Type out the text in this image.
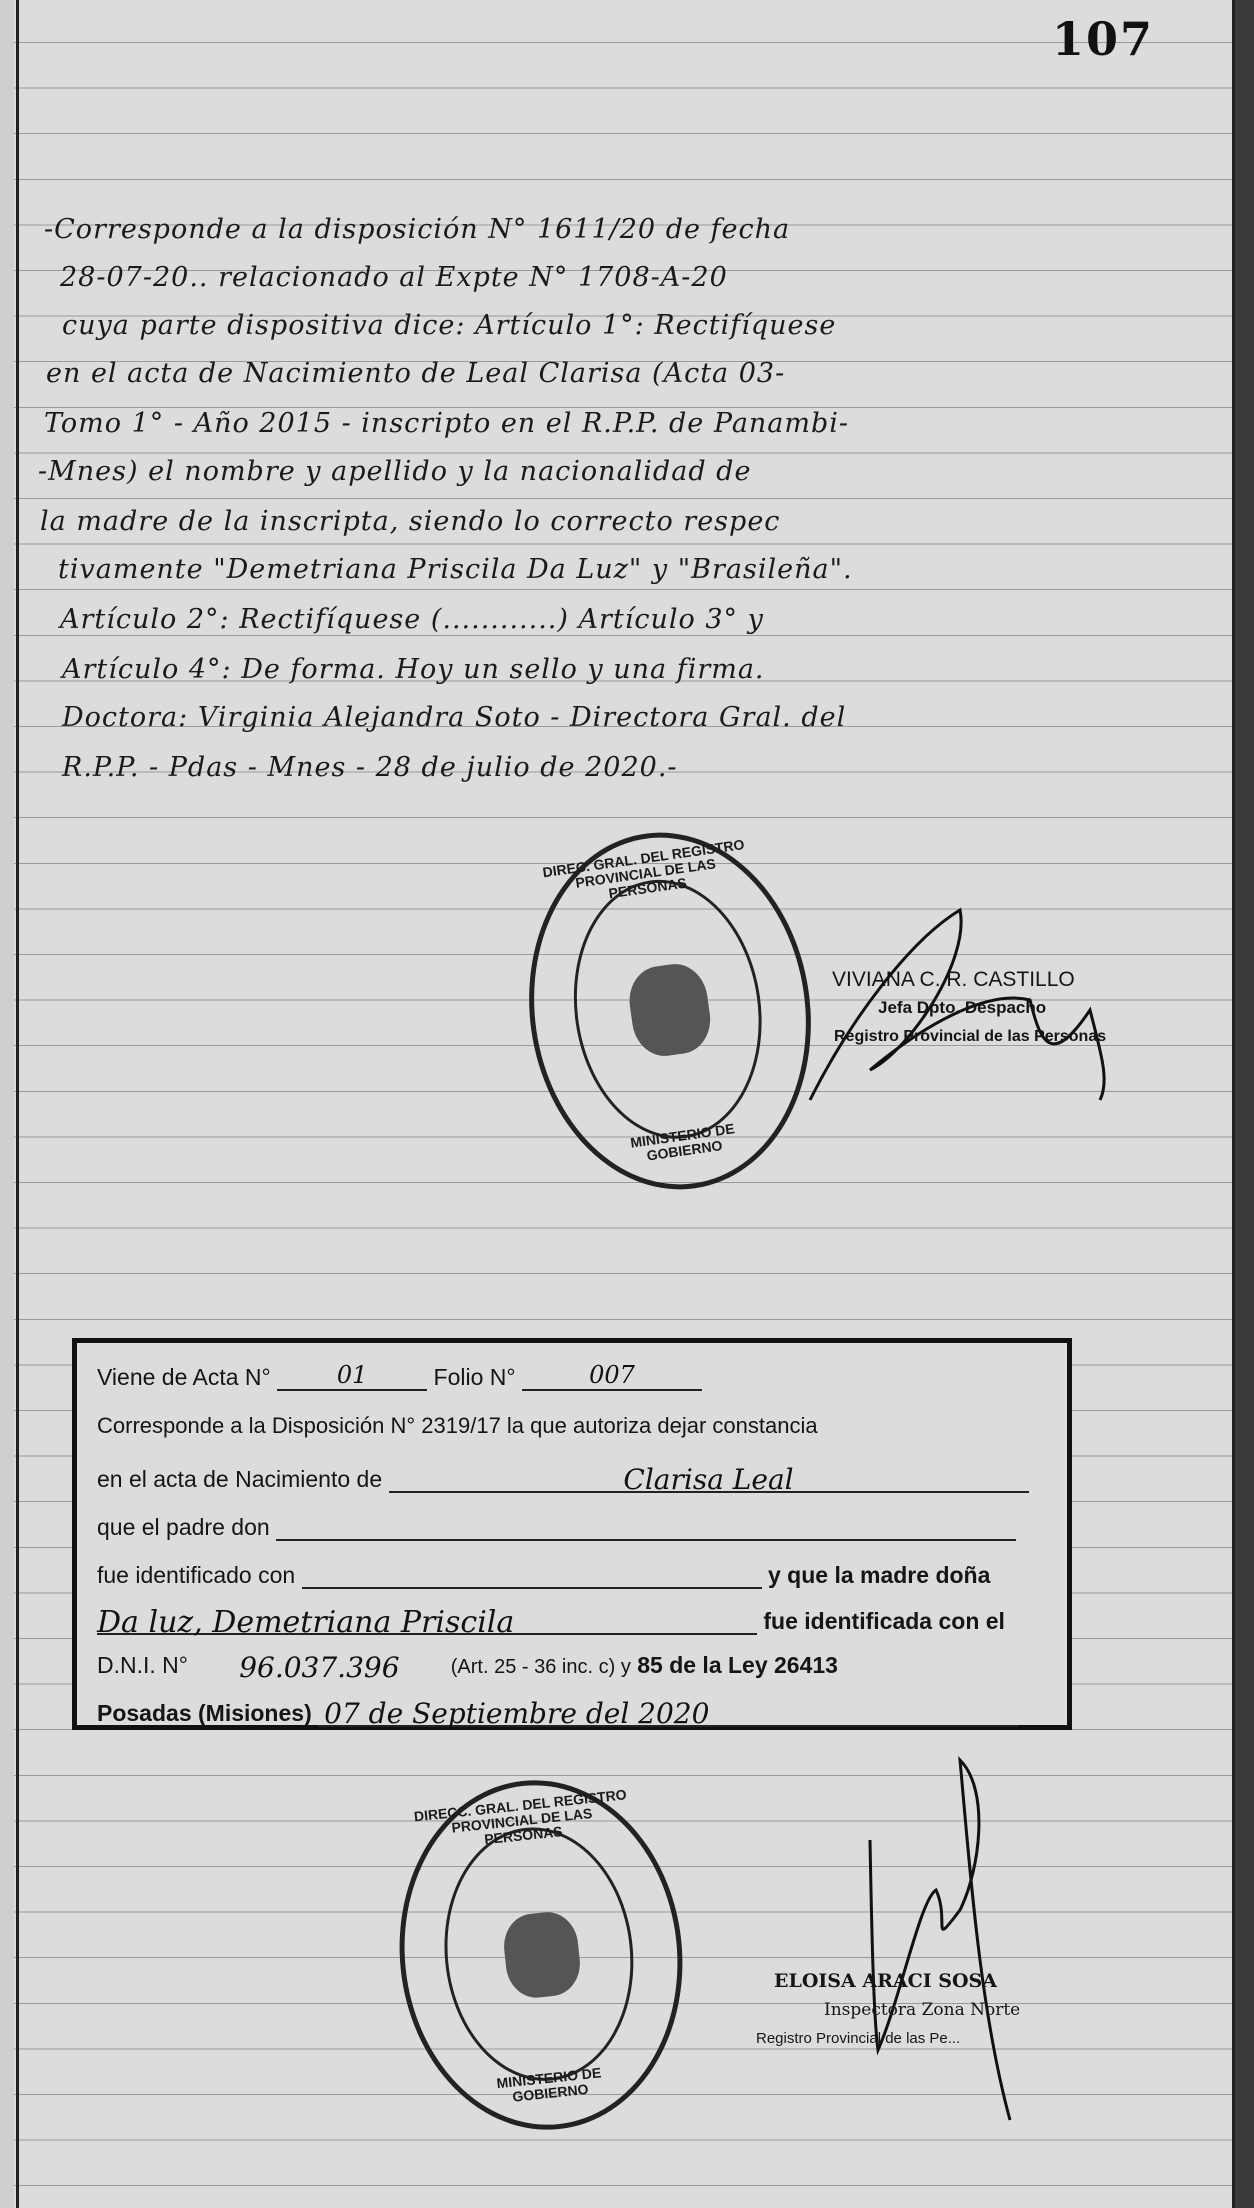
107
-Corresponde a la disposición N° 1611/20 de fecha
28-07-20.. relacionado al Expte N° 1708-A-20
cuya parte dispositiva dice: Artículo 1°: Rectifíquese
en el acta de Nacimiento de Leal Clarisa (Acta 03-
Tomo 1° - Año 2015 - inscripto en el R.P.P. de Panambi-
-Mnes) el nombre y apellido y la nacionalidad de
la madre de la inscripta, siendo lo correcto respec
tivamente "Demetriana Priscila Da Luz" y "Brasileña".
Artículo 2°: Rectifíquese (............) Artículo 3° y
Artículo 4°: De forma. Hoy un sello y una firma.
Doctora: Virginia Alejandra Soto - Directora Gral. del
R.P.P. - Pdas - Mnes - 28 de julio de 2020.-
DIREC. GRAL. DEL REGISTRO PROVINCIAL DE LAS PERSONAS
MINISTERIO DE GOBIERNO
VIVIANA C. R. CASTILLO
Jefa Dpto. Despacho
Registro Provincial de las Personas
Viene de Acta N°	01	Folio N°	007
Corresponde a la Disposición N° 2319/17 la que autoriza dejar constancia
en el acta de Nacimiento de	Clarisa Leal
que el padre don
fue identificado con	y que la madre doña
Da luz, Demetriana Priscila	fue identificada con el
D.N.I. N° 96.037.396	(Art. 25 - 36 inc. c) y 85 de la Ley 26413
Posadas (Misiones) 07 de Septiembre del 2020
DIRECC. GRAL. DEL REGISTRO PROVINCIAL DE LAS PERSONAS
MINISTERIO DE GOBIERNO
ELOISA ARACI SOSA
Inspectora Zona Norte
Registro Provincial de las Pe...
